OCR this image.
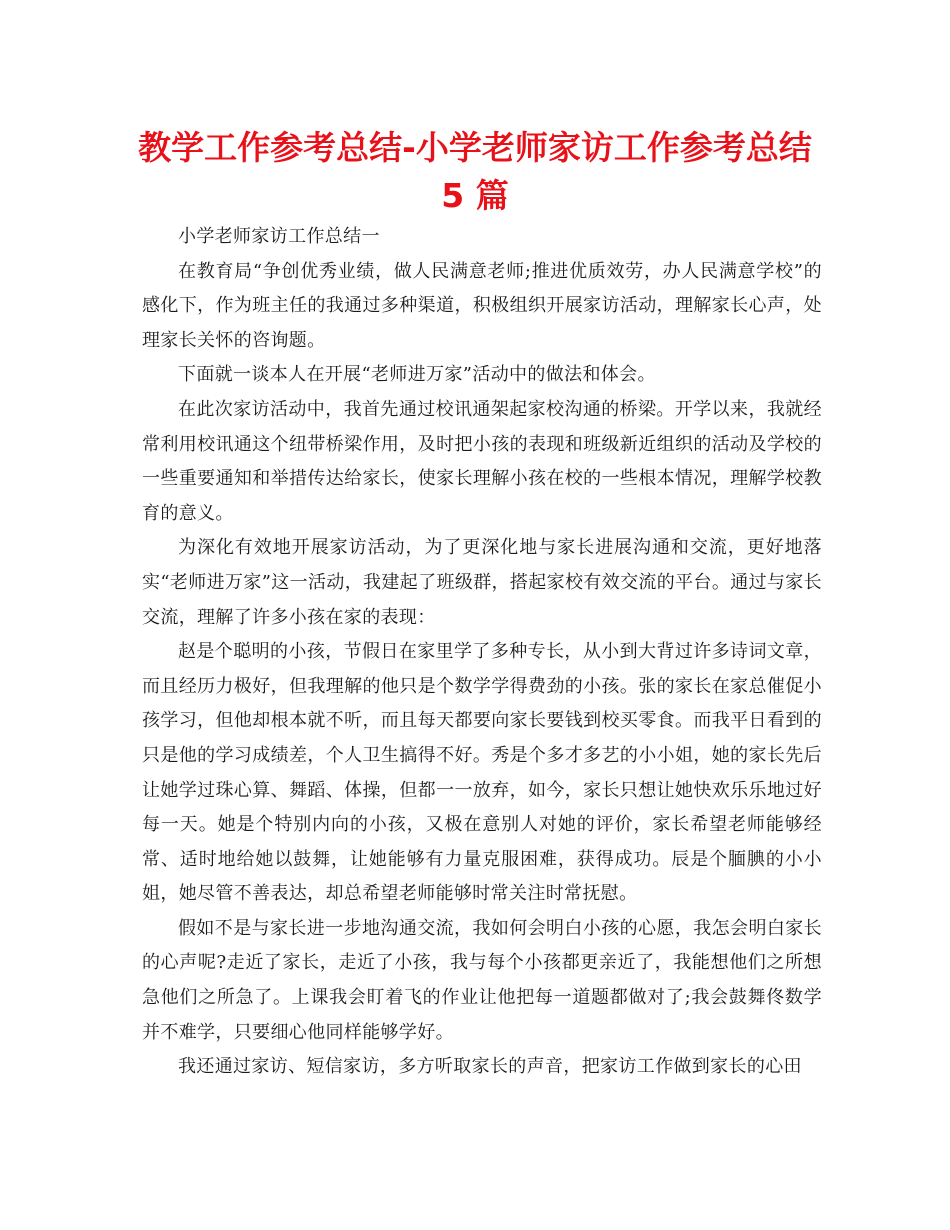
教学工作参考总结-小学老师家访工作参考总结 5 篇

小学老师家访工作总结一

在教育局“争创优秀业绩，做人民满意老师;推进优质效劳，办人民满意学校”的感化下，作为班主任的我通过多种渠道，积极组织开展家访活动，理解家长心声，处理家长关怀的咨询题。

下面就一谈本人在开展“老师进万家”活动中的做法和体会。

在此次家访活动中，我首先通过校讯通架起家校沟通的桥梁。开学以来，我就经常利用校讯通这个纽带桥梁作用，及时把小孩的表现和班级新近组织的活动及学校的一些重要通知和举措传达给家长，使家长理解小孩在校的一些根本情况，理解学校教育的意义。

为深化有效地开展家访活动，为了更深化地与家长进展沟通和交流，更好地落实“老师进万家”这一活动，我建起了班级群，搭起家校有效交流的平台。通过与家长交流，理解了许多小孩在家的表现：

赵是个聪明的小孩，节假日在家里学了多种专长，从小到大背过许多诗词文章，而且经历力极好，但我理解的他只是个数学学得费劲的小孩。张的家长在家总催促小孩学习，但他却根本就不听，而且每天都要向家长要钱到校买零食。而我平日看到的只是他的学习成绩差，个人卫生搞得不好。秀是个多才多艺的小小姐，她的家长先后让她学过珠心算、舞蹈、体操，但都一一放弃，如今，家长只想让她快欢乐乐地过好每一天。她是个特别内向的小孩，又极在意别人对她的评价，家长希望老师能够经常、适时地给她以鼓舞，让她能够有力量克服困难，获得成功。辰是个腼腆的小小姐，她尽管不善表达，却总希望老师能够时常关注时常抚慰。

假如不是与家长进一步地沟通交流，我如何会明白小孩的心愿，我怎会明白家长的心声呢?走近了家长，走近了小孩，我与每个小孩都更亲近了，我能想他们之所想急他们之所急了。上课我会盯着飞的作业让他把每一道题都做对了;我会鼓舞佟数学并不难学，只要细心他同样能够学好。

我还通过家访、短信家访，多方听取家长的声音，把家访工作做到家长的心田
